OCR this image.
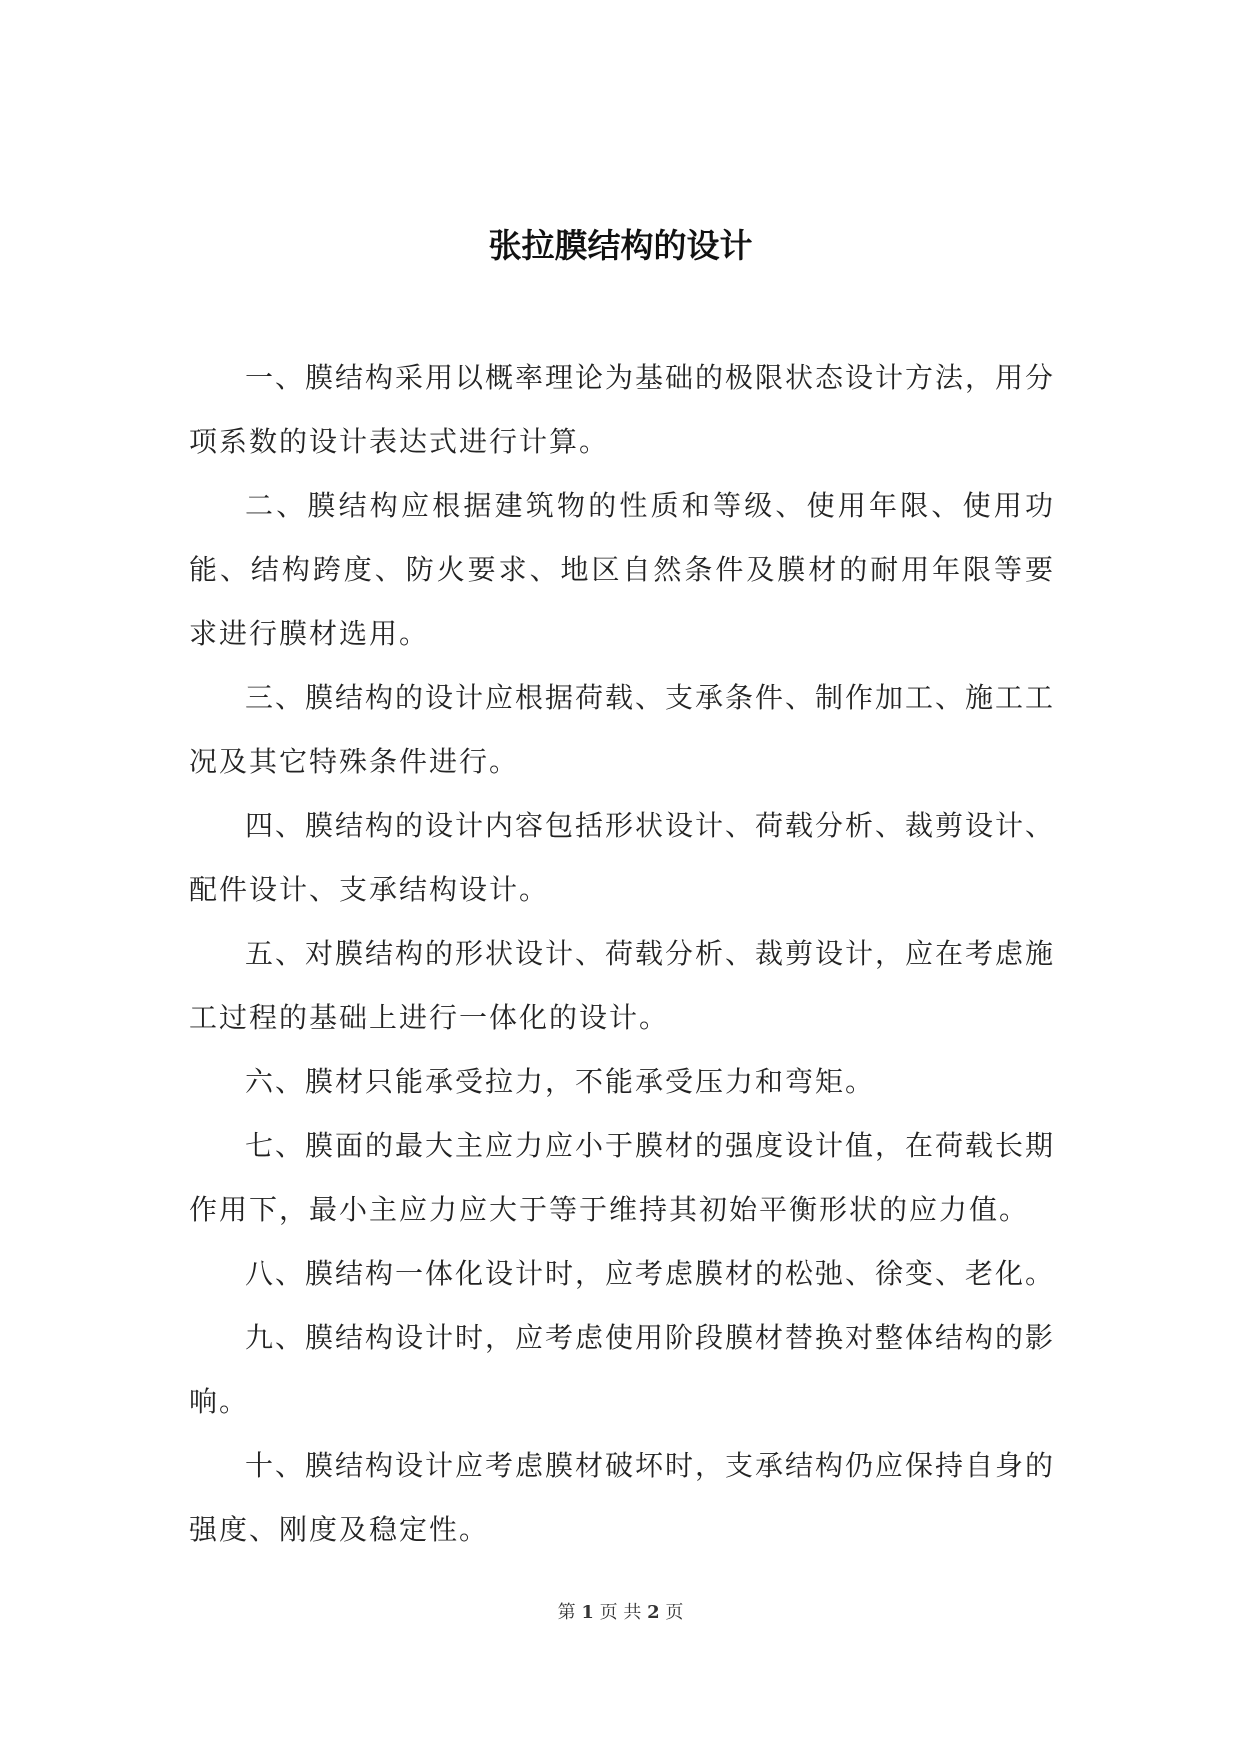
张拉膜结构的设计

一、膜结构采用以概率理论为基础的极限状态设计方法，用分项系数的设计表达式进行计算。

二、膜结构应根据建筑物的性质和等级、使用年限、使用功能、结构跨度、防火要求、地区自然条件及膜材的耐用年限等要求进行膜材选用。

三、膜结构的设计应根据荷载、支承条件、制作加工、施工工况及其它特殊条件进行。

四、膜结构的设计内容包括形状设计、荷载分析、裁剪设计、配件设计、支承结构设计。

五、对膜结构的形状设计、荷载分析、裁剪设计，应在考虑施工过程的基础上进行一体化的设计。

六、膜材只能承受拉力，不能承受压力和弯矩。

七、膜面的最大主应力应小于膜材的强度设计值，在荷载长期作用下，最小主应力应大于等于维持其初始平衡形状的应力值。

八、膜结构一体化设计时，应考虑膜材的松弛、徐变、老化。

九、膜结构设计时，应考虑使用阶段膜材替换对整体结构的影响。

十、膜结构设计应考虑膜材破坏时，支承结构仍应保持自身的强度、刚度及稳定性。

第 1 页 共 2 页
